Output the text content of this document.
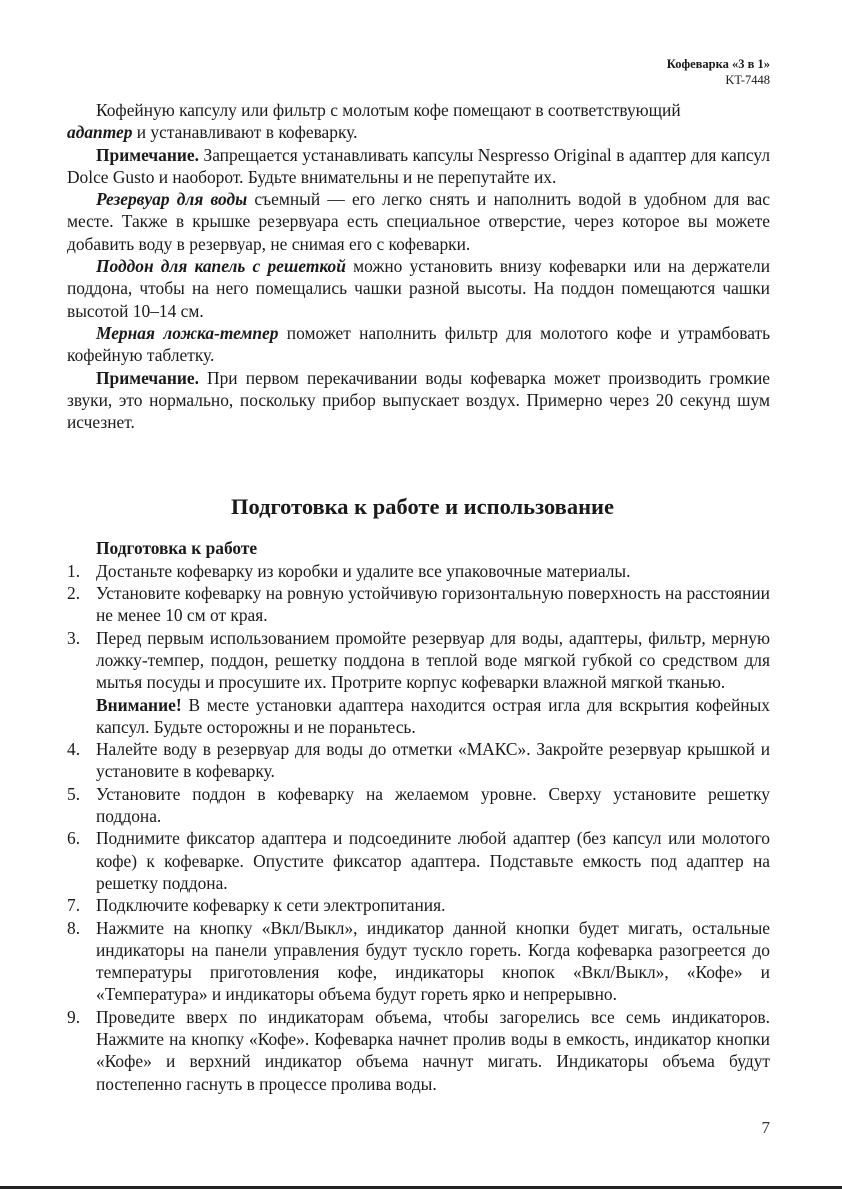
Кофеварка «3 в 1»
KT-7448

Кофейную капсулу или фильтр с молотым кофе помещают в соответствующий

адаптер и устанавливают в кофеварку.

Примечание. Запрещается устанавливать капсулы Nespresso Original в адаптер для капсул Dolce Gusto и наоборот. Будьте внимательны и не перепутайте их.

Резервуар для воды съемный — его легко снять и наполнить водой в удобном для вас месте. Также в крышке резервуара есть специальное отверстие, через которое вы можете добавить воду в резервуар, не снимая его с кофеварки.

Поддон для капель с решеткой можно установить внизу кофеварки или на держатели поддона, чтобы на него помещались чашки разной высоты. На поддон помещаются чашки высотой 10–14 см.

Мерная ложка-темпер поможет наполнить фильтр для молотого кофе и утрамбовать кофейную таблетку.

Примечание. При первом перекачивании воды кофеварка может производить громкие звуки, это нормально, поскольку прибор выпускает воздух. Примерно через 20 секунд шум исчезнет.

Подготовка к работе и использование
Подготовка к работе
1. Достаньте кофеварку из коробки и удалите все упаковочные материалы.
2. Установите кофеварку на ровную устойчивую горизонтальную поверхность на расстоянии не менее 10 см от края.
3. Перед первым использованием промойте резервуар для воды, адаптеры, фильтр, мерную ложку-темпер, поддон, решетку поддона в теплой воде мягкой губкой со средством для мытья посуды и просушите их. Протрите корпус кофеварки влажной мягкой тканью.
Внимание! В месте установки адаптера находится острая игла для вскрытия кофейных капсул. Будьте осторожны и не пораньтесь.
4. Налейте воду в резервуар для воды до отметки «МАКС». Закройте резервуар крышкой и установите в кофеварку.
5. Установите поддон в кофеварку на желаемом уровне. Сверху установите решетку поддона.
6. Поднимите фиксатор адаптера и подсоедините любой адаптер (без капсул или молотого кофе) к кофеварке. Опустите фиксатор адаптера. Подставьте емкость под адаптер на решетку поддона.
7. Подключите кофеварку к сети электропитания.
8. Нажмите на кнопку «Вкл/Выкл», индикатор данной кнопки будет мигать, остальные индикаторы на панели управления будут тускло гореть. Когда кофеварка разогреется до температуры приготовления кофе, индикаторы кнопок «Вкл/Выкл», «Кофе» и «Температура» и индикаторы объема будут гореть ярко и непрерывно.
9. Проведите вверх по индикаторам объема, чтобы загорелись все семь индикаторов. Нажмите на кнопку «Кофе». Кофеварка начнет пролив воды в емкость, индикатор кнопки «Кофе» и верхний индикатор объема начнут мигать. Индикаторы объема будут постепенно гаснуть в процессе пролива воды.
7
